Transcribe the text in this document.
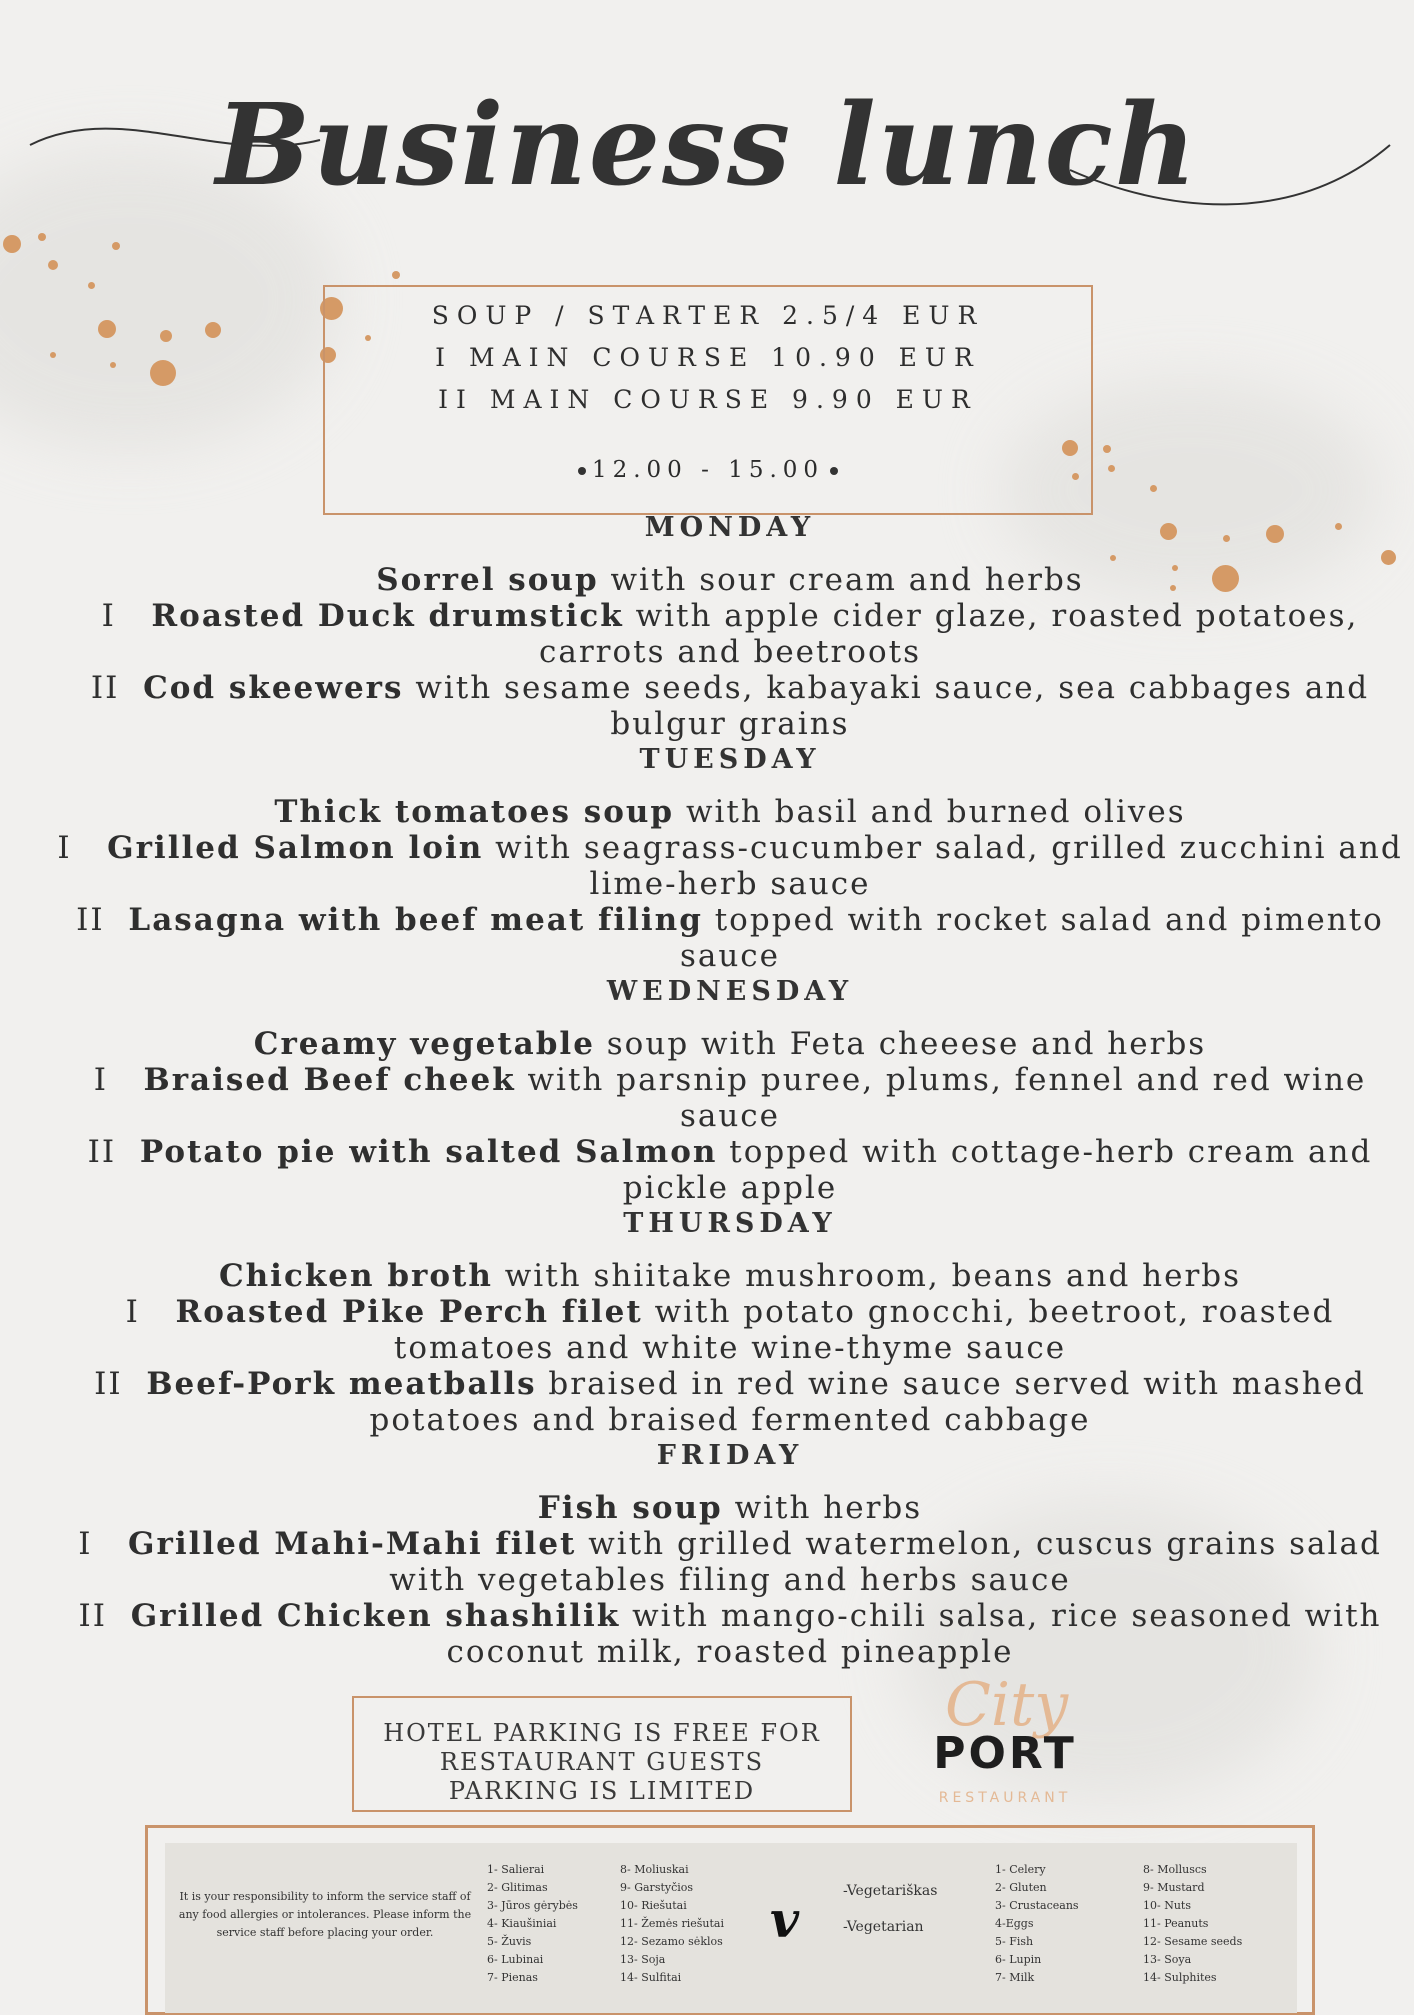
Business lunch
SOUP / STARTER 2.5/4 EUR
I MAIN COURSE 10.90 EUR
II MAIN COURSE 9.90 EUR
12.00 - 15.00
MONDAY
Sorrel soup with sour cream and herbs
I Roasted Duck drumstick with apple cider glaze, roasted potatoes, carrots and beetroots
II Cod skeewers with sesame seeds, kabayaki sauce, sea cabbages and bulgur grains
TUESDAY
Thick tomatoes soup with basil and burned olives
I Grilled Salmon loin with seagrass-cucumber salad, grilled zucchini and lime-herb sauce
II Lasagna with beef meat filing topped with rocket salad and pimento sauce
WEDNESDAY
Creamy vegetable soup with Feta cheeese and herbs
I Braised Beef cheek with parsnip puree, plums, fennel and red wine sauce
II Potato pie with salted Salmon topped with cottage-herb cream and pickle apple
THURSDAY
Chicken broth with shiitake mushroom, beans and herbs
I Roasted Pike Perch filet with potato gnocchi, beetroot, roasted tomatoes and white wine-thyme sauce
II Beef-Pork meatballs braised in red wine sauce served with mashed potatoes and braised fermented cabbage
FRIDAY
Fish soup with herbs
I Grilled Mahi-Mahi filet with grilled watermelon, cuscus grains salad with vegetables filing and herbs sauce
II Grilled Chicken shashilik with mango-chili salsa, rice seasoned with coconut milk, roasted pineapple
HOTEL PARKING IS FREE FOR
RESTAURANT GUESTS
PARKING IS LIMITED
City
PORT
RESTAURANT
It is your responsibility to inform the service staff of any food allergies or intolerances. Please inform the service staff before placing your order.
1- Salierai
2- Glitimas
3- Jūros gėrybės
4- Kiaušiniai
5- Žuvis
6- Lubinai
7- Pienas
8- Moliuskai
9- Garstyčios
10- Riešutai
11- Žemės riešutai
12- Sezamo sėklos
13- Soja
14- Sulfitai
v	-Vegetariškas
-Vegetarian
1- Celery
2- Gluten
3- Crustaceans
4-Eggs
5- Fish
6- Lupin
7- Milk
8- Molluscs
9- Mustard
10- Nuts
11- Peanuts
12- Sesame seeds
13- Soya
14- Sulphites
